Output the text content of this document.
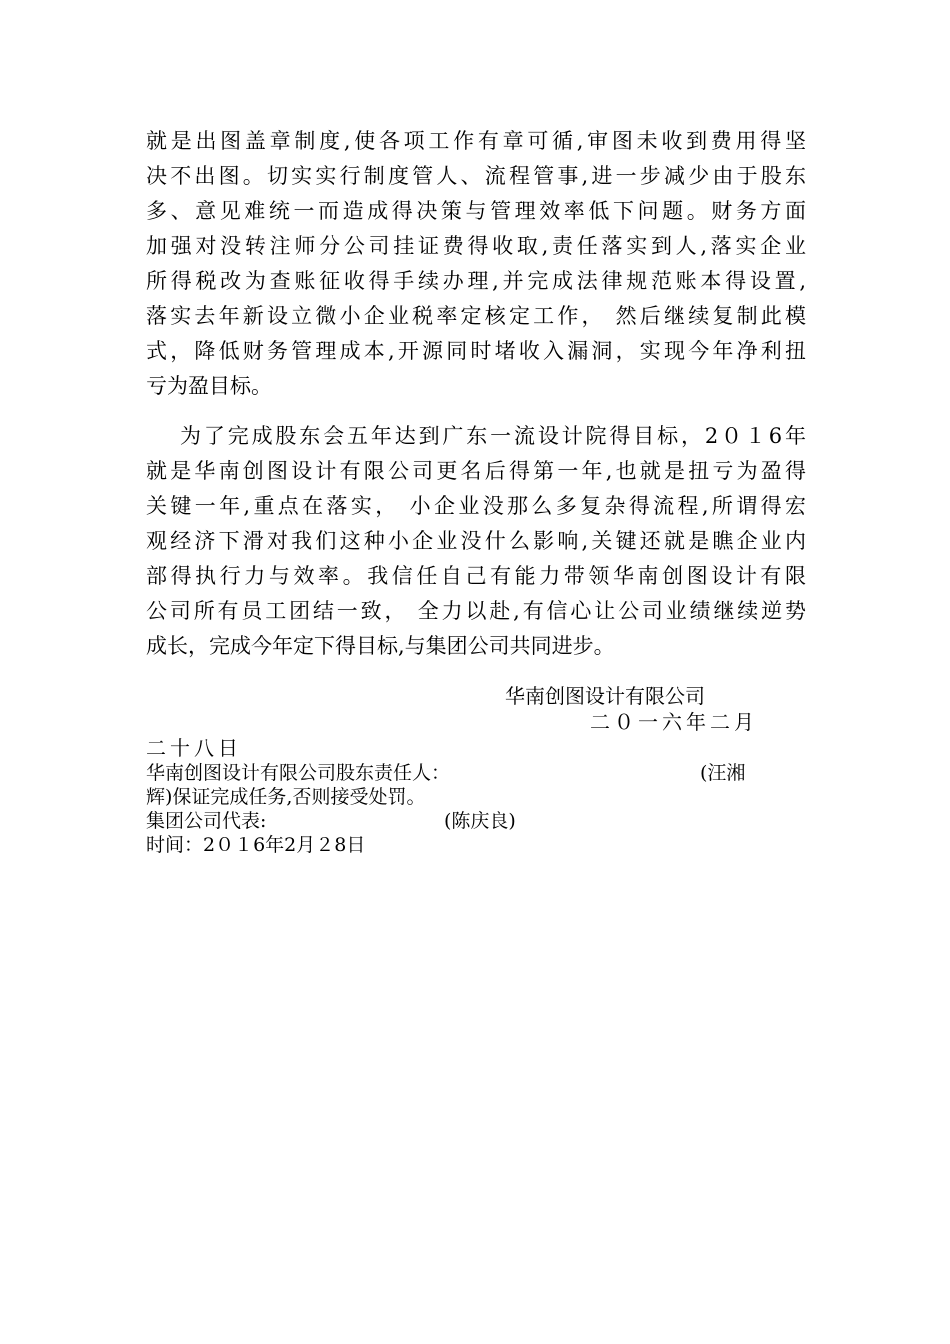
就是出图盖章制度,使各项工作有章可循,审图未收到费用得坚
决不出图。切实实行制度管人、流程管事,进一步减少由于股东
多、意见难统一而造成得决策与管理效率低下问题。财务方面
加强对没转注师分公司挂证费得收取,责任落实到人,落实企业
所得税改为查账征收得手续办理,并完成法律规范账本得设置,
落实去年新设立微小企业税率定核定工作， 然后继续复制此模
式，降低财务管理成本,开源同时堵收入漏洞，实现今年净利扭
亏为盈目标。
为了完成股东会五年达到广东一流设计院得目标，2０１6年
就是华南创图设计有限公司更名后得第一年,也就是扭亏为盈得
关键一年,重点在落实， 小企业没那么多复杂得流程,所谓得宏
观经济下滑对我们这种小企业没什么影响,关键还就是瞧企业内
部得执行力与效率。我信任自己有能力带领华南创图设计有限
公司所有员工团结一致， 全力以赴,有信心让公司业绩继续逆势
成长，完成今年定下得目标,与集团公司共同进步。
华南创图设计有限公司
二０一六年二月
二十八日
华南创图设计有限公司股东责任人：	(汪湘
辉)保证完成任务,否则接受处罚。
集团公司代表:	(陈庆良)
时间：2０１6年2月２8日
